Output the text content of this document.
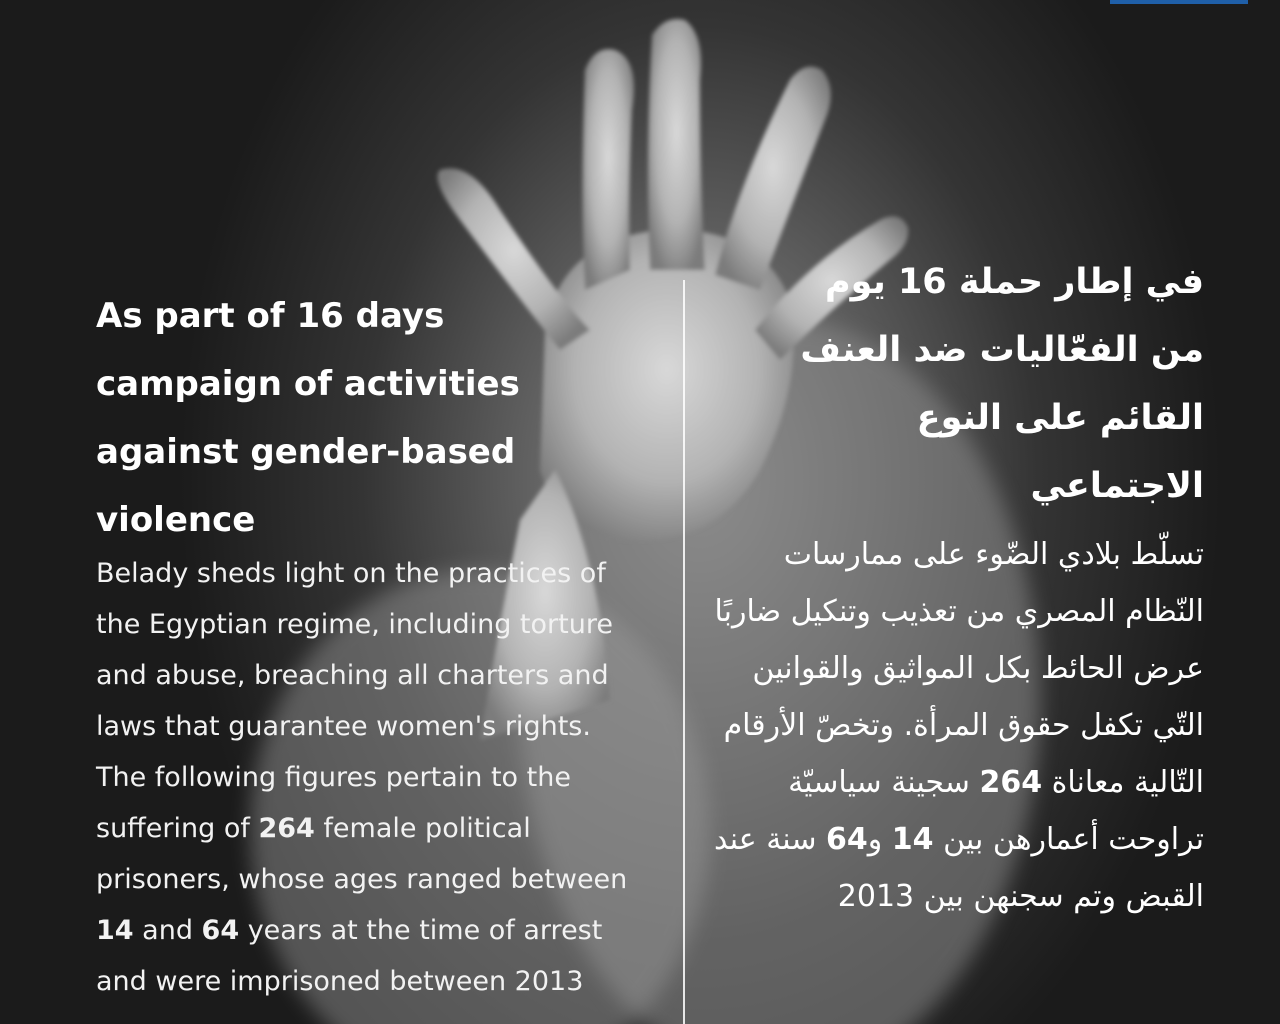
As part of 16 days campaign of activities against gender-based violence

Belady sheds light on the practices of the Egyptian regime, including torture and abuse, breaching all charters and laws that guarantee women's rights. The following figures pertain to the suffering of 264 female political prisoners, whose ages ranged between 14 and 64 years at the time of arrest and were imprisoned between 2013

في إطار حملة 16 يوم من الفعّاليات ضد العنف القائم على النوع الاجتماعي

تسلّط بلادي الضّوء على ممارسات النّظام المصري من تعذيب وتنكيل ضاربًا عرض الحائط بكل المواثيق والقوانين التّي تكفل حقوق المرأة. وتخصّ الأرقام التّالية معاناة 264 سجينة سياسيّة تراوحت أعمارهن بين 14 و64 سنة عند القبض وتم سجنهن بين 2013
